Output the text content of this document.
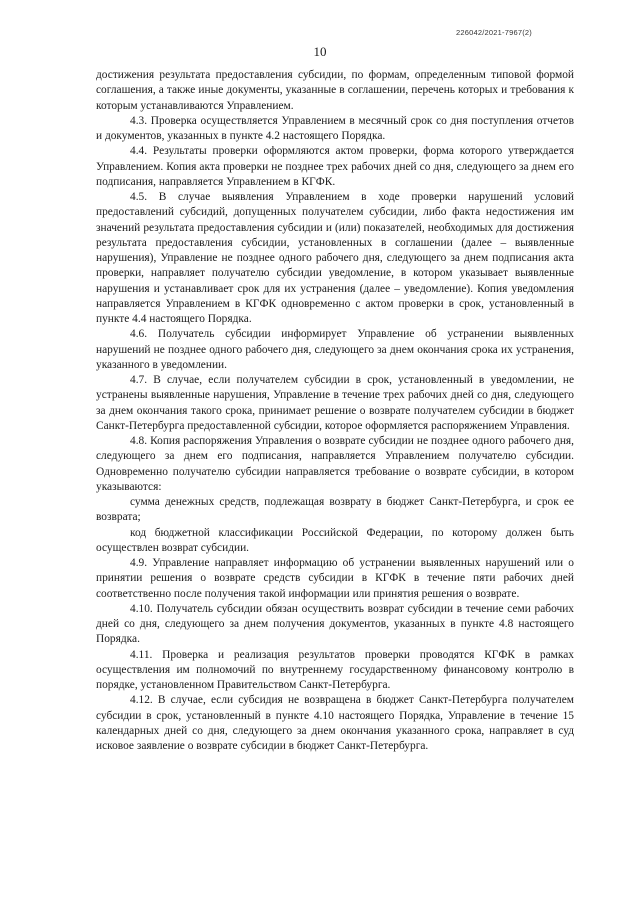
226042/2021-7967(2)
10

достижения результата предоставления субсидии, по формам, определенным типовой формой соглашения, а также иные документы, указанные в соглашении, перечень которых и требования к которым устанавливаются Управлением.

4.3. Проверка осуществляется Управлением в месячный срок со дня поступления отчетов и документов, указанных в пункте 4.2 настоящего Порядка.

4.4. Результаты проверки оформляются актом проверки, форма которого утверждается Управлением. Копия акта проверки не позднее трех рабочих дней со дня, следующего за днем его подписания, направляется Управлением в КГФК.

4.5. В случае выявления Управлением в ходе проверки нарушений условий предоставлений субсидий, допущенных получателем субсидии, либо факта недостижения им значений результата предоставления субсидии и (или) показателей, необходимых для достижения результата предоставления субсидии, установленных в соглашении (далее – выявленные нарушения), Управление не позднее одного рабочего дня, следующего за днем подписания акта проверки, направляет получателю субсидии уведомление, в котором указывает выявленные нарушения и устанавливает срок для их устранения (далее – уведомление). Копия уведомления направляется Управлением в КГФК одновременно с актом проверки в срок, установленный в пункте 4.4 настоящего Порядка.

4.6. Получатель субсидии информирует Управление об устранении выявленных нарушений не позднее одного рабочего дня, следующего за днем окончания срока их устранения, указанного в уведомлении.

4.7. В случае, если получателем субсидии в срок, установленный в уведомлении, не устранены выявленные нарушения, Управление в течение трех рабочих дней со дня, следующего за днем окончания такого срока, принимает решение о возврате получателем субсидии в бюджет Санкт-Петербурга предоставленной субсидии, которое оформляется распоряжением Управления.

4.8. Копия распоряжения Управления о возврате субсидии не позднее одного рабочего дня, следующего за днем его подписания, направляется Управлением получателю субсидии. Одновременно получателю субсидии направляется требование о возврате субсидии, в котором указываются:

сумма денежных средств, подлежащая возврату в бюджет Санкт-Петербурга, и срок ее возврата;

код бюджетной классификации Российской Федерации, по которому должен быть осуществлен возврат субсидии.

4.9. Управление направляет информацию об устранении выявленных нарушений или о принятии решения о возврате средств субсидии в КГФК в течение пяти рабочих дней соответственно после получения такой информации или принятия решения о возврате.

4.10. Получатель субсидии обязан осуществить возврат субсидии в течение семи рабочих дней со дня, следующего за днем получения документов, указанных в пункте 4.8 настоящего Порядка.

4.11. Проверка и реализация результатов проверки проводятся КГФК в рамках осуществления им полномочий по внутреннему государственному финансовому контролю в порядке, установленном Правительством Санкт-Петербурга.

4.12. В случае, если субсидия не возвращена в бюджет Санкт-Петербурга получателем субсидии в срок, установленный в пункте 4.10 настоящего Порядка, Управление в течение 15 календарных дней со дня, следующего за днем окончания указанного срока, направляет в суд исковое заявление о возврате субсидии в бюджет Санкт-Петербурга.
